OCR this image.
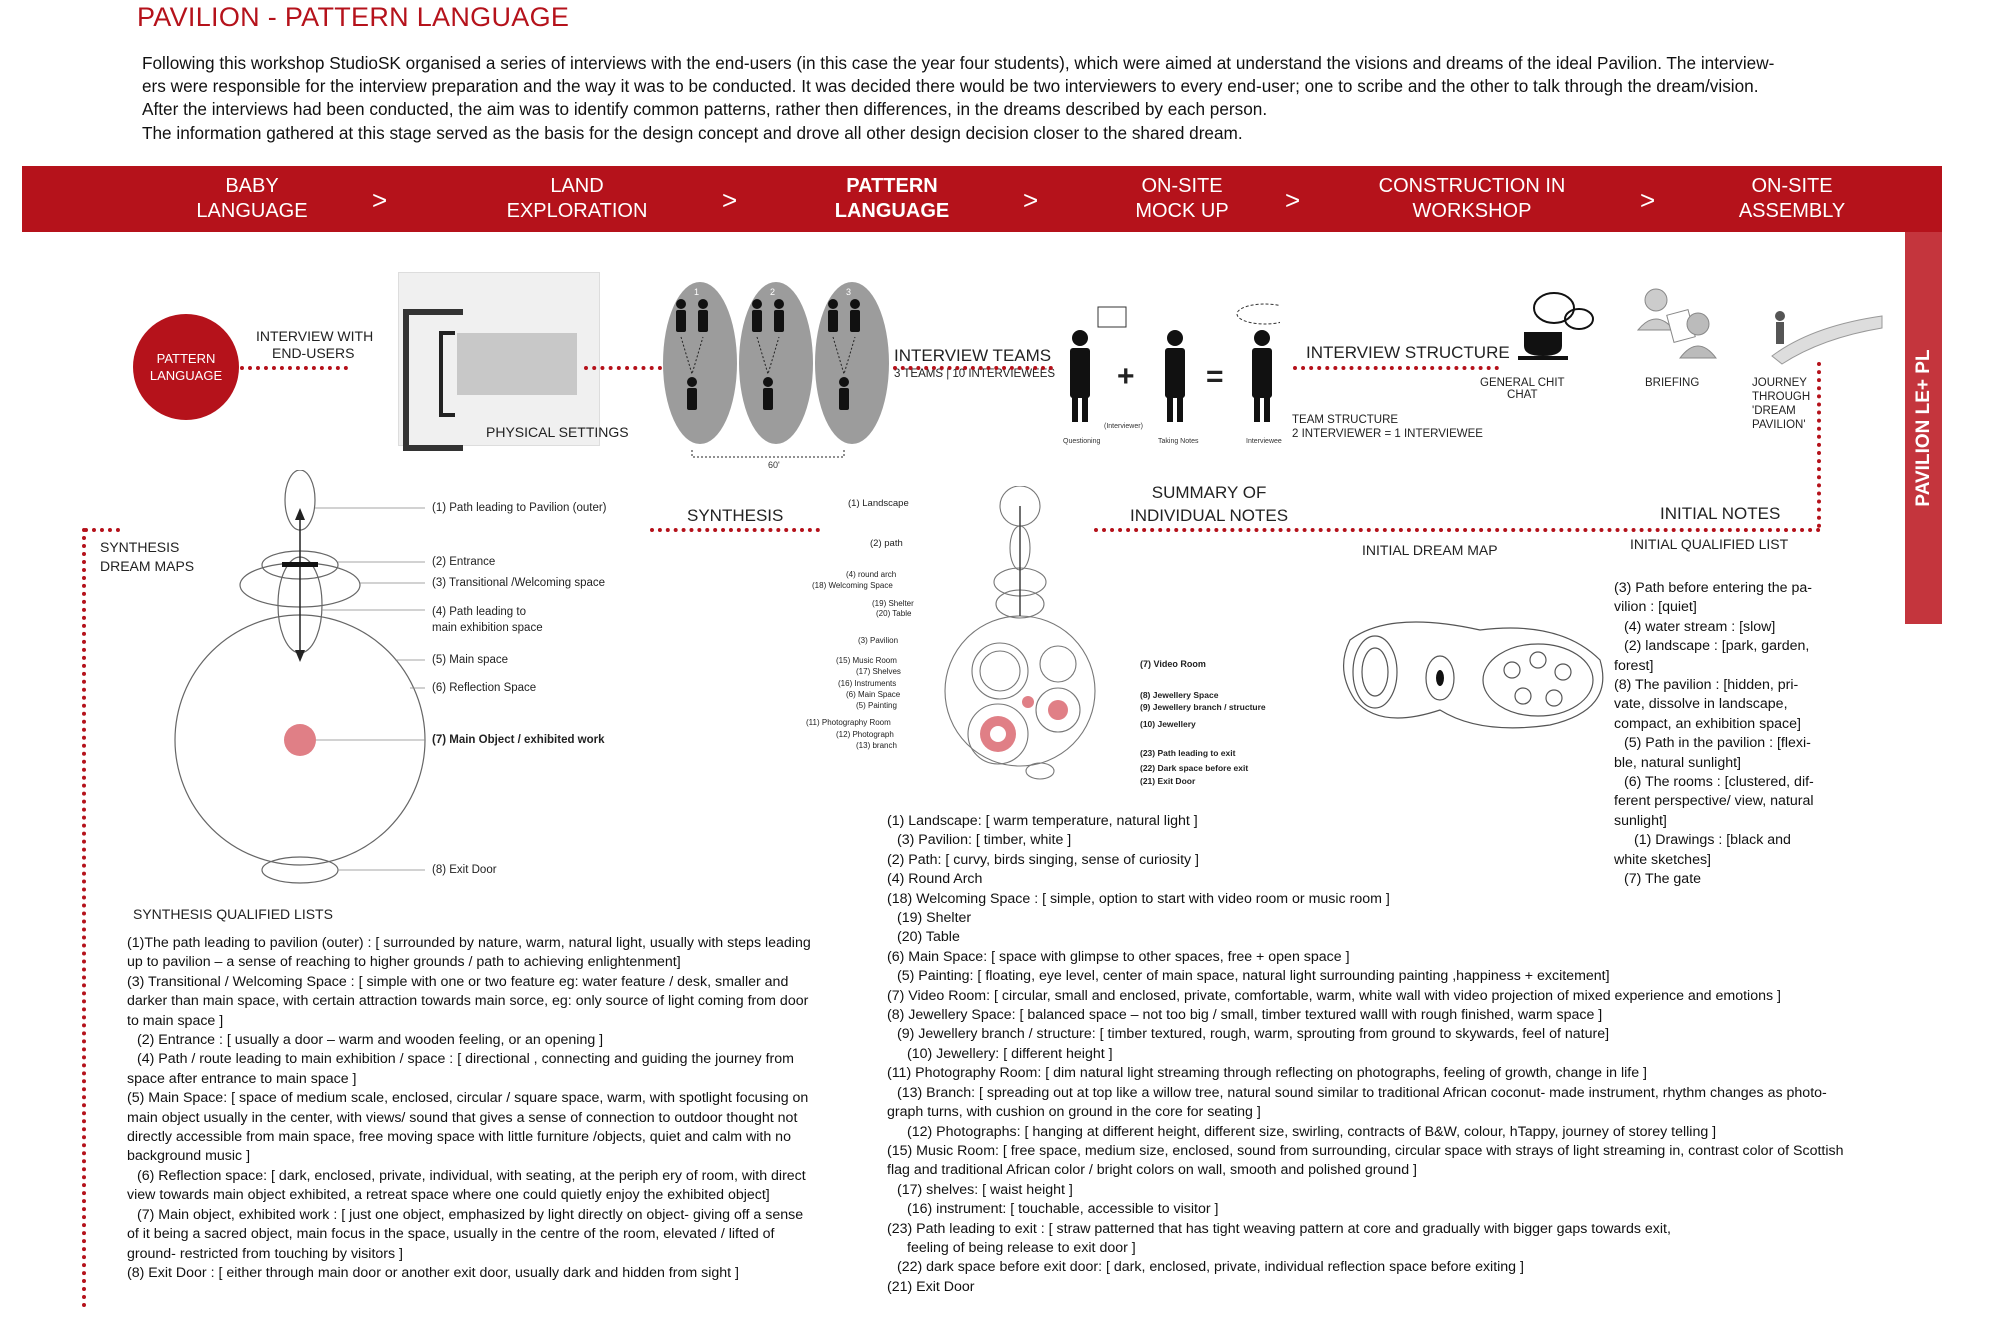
PAVILION - PATTERN LANGUAGE

Following this workshop StudioSK organised a series of interviews with the end-users (in this case the year four students), which were aimed at understand the visions and dreams of the ideal Pavilion. The interview-

ers were responsible for the interview preparation and the way it was to be conducted. It was decided there would be two interviewers to every end-user; one to scribe and the other to talk through the dream/vision.

After the interviews had been conducted, the aim was to identify common patterns, rather then differences, in the dreams described by each person.

The information gathered at this stage served as the basis for the design concept and drove all other design decision closer to the shared dream.

BABY
LANGUAGE	>	LAND
EXPLORATION	>	PATTERN
LANGUAGE	>	ON-SITE
MOCK UP	>	CONSTRUCTION IN
WORKSHOP	>	ON-SITE
ASSEMBLY
PAVILION LE+ PL
PATTERN
LANGUAGE
INTERVIEW WITH
END-USERS
PHYSICAL SETTINGS
1	2	3
60'
INTERVIEW TEAMS
3 TEAMS | 10 INTERVIEWEES + =
(Interviewer)
Questioning	Taking Notes	Interviewee
INTERVIEW STRUCTURE
TEAM STRUCTURE
2 INTERVIEWER = 1 INTERVIEWEE
GENERAL CHIT
CHAT
BRIEFING	JOURNEY
THROUGH
'DREAM
PAVILION'
INITIAL NOTES
SUMMARY OF
INDIVIDUAL NOTES
SYNTHESIS
SYNTHESIS
DREAM MAPS
INITIAL DREAM MAP	INITIAL QUALIFIED LIST
(1) Path leading to Pavilion (outer)
(2) Entrance
(3) Transitional /Welcoming space
(4) Path leading to
main exhibition space
(5) Main space
(6) Reflection Space
(7) Main Object / exhibited work
(8) Exit Door
(1) Landscape
(2) path
(4) round arch
(18) Welcoming Space
(19) Shelter
(20) Table
(3) Pavilion
(15) Music Room
(17) Shelves
(16) Instruments
(6) Main Space
(5) Painting
(11) Photography Room
(12) Photograph
(13) branch
(7) Video Room
(8) Jewellery Space
(9) Jewellery branch / structure
(10) Jewellery
(23) Path leading to exit
(22) Dark space before exit
(21) Exit Door
SYNTHESIS QUALIFIED LISTS
(1)The path leading to pavilion (outer) : [ surrounded by nature, warm, natural light, usually with steps leading
up to pavilion – a sense of reaching to higher grounds / path to achieving enlightenment]
(3) Transitional / Welcoming Space : [ simple with one or two feature eg: water feature / desk, smaller and
darker than main space, with certain attraction towards main sorce, eg: only source of light coming from door
to main space ]
(2) Entrance : [ usually a door – warm and wooden feeling, or an opening ]
(4) Path / route leading to main exhibition / space : [ directional , connecting and guiding the journey from
space after entrance to main space ]
(5) Main Space: [ space of medium scale, enclosed, circular / square space, warm, with spotlight focusing on
main object usually in the center, with views/ sound that gives a sense of connection to outdoor thought not
directly accessible from main space, free moving space with little furniture /objects, quiet and calm with no
background music ]
(6) Reflection space: [ dark, enclosed, private, individual, with seating, at the periph ery of room, with direct
view towards main object exhibited, a retreat space where one could quietly enjoy the exhibited object]
(7) Main object, exhibited work : [ just one object, emphasized by light directly on object- giving off a sense
of it being a sacred object, main focus in the space, usually in the centre of the room, elevated / lifted of
ground- restricted from touching by visitors ]
(8) Exit Door : [ either through main door or another exit door, usually dark and hidden from sight ]
(1) Landscape: [ warm temperature, natural light ]
(3) Pavilion: [ timber, white ]
(2) Path: [ curvy, birds singing, sense of curiosity ]
(4) Round Arch
(18) Welcoming Space : [ simple, option to start with video room or music room ]
(19) Shelter
(20) Table
(6) Main Space: [ space with glimpse to other spaces, free + open space ]
(5) Painting: [ floating, eye level, center of main space, natural light surrounding painting ,happiness + excitement]
(7) Video Room: [ circular, small and enclosed, private, comfortable, warm, white wall with video projection of mixed experience and emotions ]
(8) Jewellery Space: [ balanced space – not too big / small, timber textured walll with rough finished, warm space ]
(9) Jewellery branch / structure: [ timber textured, rough, warm, sprouting from ground to skywards, feel of nature]
(10) Jewellery: [ different height ]
(11) Photography Room: [ dim natural light streaming through reflecting on photographs, feeling of growth, change in life ]
(13) Branch: [ spreading out at top like a willow tree, natural sound similar to traditional African coconut- made instrument, rhythm changes as photo-
graph turns, with cushion on ground in the core for seating ]
(12) Photographs: [ hanging at different height, different size, swirling, contracts of B&W, colour, hTappy, journey of storey telling ]
(15) Music Room: [ free space, medium size, enclosed, sound from surrounding, circular space with strays of light streaming in, contrast color of Scottish
flag and traditional African color / bright colors on wall, smooth and polished ground ]
(17) shelves: [ waist height ]
(16) instrument: [ touchable, accessible to visitor ]
(23) Path leading to exit : [ straw patterned that has tight weaving pattern at core and gradually with bigger gaps towards exit,
feeling of being release to exit door ]
(22) dark space before exit door: [ dark, enclosed, private, individual reflection space before exiting ]
(21) Exit Door
(3) Path before entering the pa-
vilion : [quiet]
(4) water stream : [slow]
(2) landscape : [park, garden,
forest]
(8) The pavilion : [hidden, pri-
vate, dissolve in landscape,
compact, an exhibition space]
(5) Path in the pavilion : [flexi-
ble, natural sunlight]
(6) The rooms : [clustered, dif-
ferent perspective/ view, natural
sunlight]
(1) Drawings : [black and
white sketches]
(7) The gate
